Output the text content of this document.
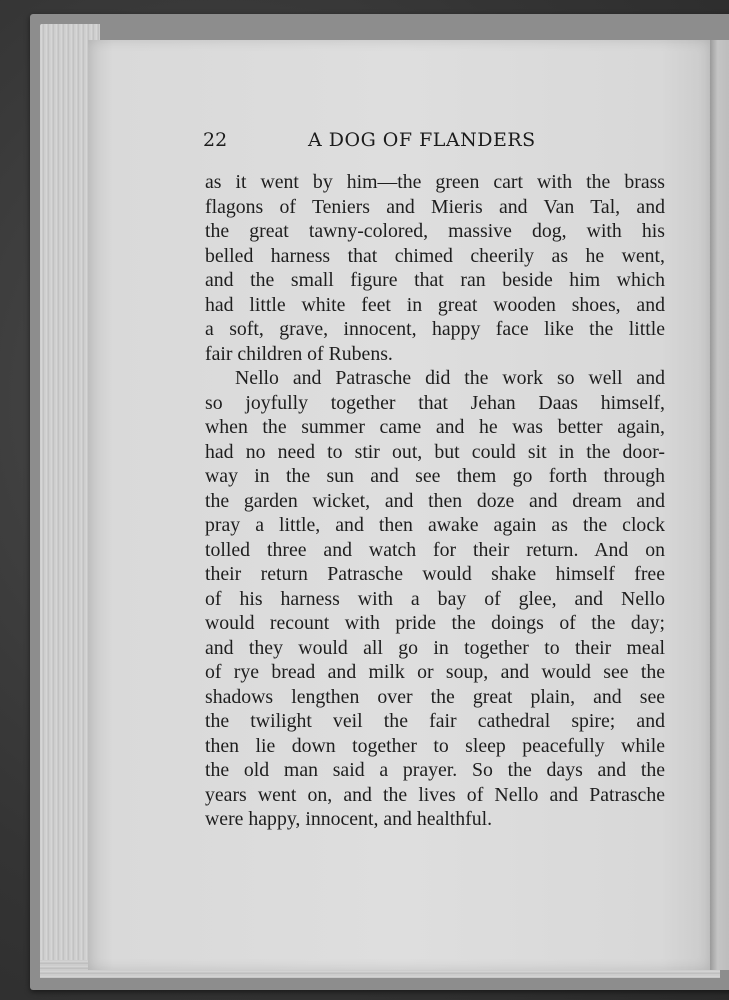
22	A DOG OF FLANDERS

as it went by him—the green cart with the brass
flagons of Teniers and Mieris and Van Tal, and
the great tawny-colored, massive dog, with his
belled harness that chimed cheerily as he went,
and the small figure that ran beside him which
had little white feet in great wooden shoes, and
a soft, grave, innocent, happy face like the little
fair children of Rubens.

Nello and Patrasche did the work so well and
so joyfully together that Jehan Daas himself,
when the summer came and he was better again,
had no need to stir out, but could sit in the door-
way in the sun and see them go forth through
the garden wicket, and then doze and dream and
pray a little, and then awake again as the clock
tolled three and watch for their return. And on
their return Patrasche would shake himself free
of his harness with a bay of glee, and Nello
would recount with pride the doings of the day;
and they would all go in together to their meal
of rye bread and milk or soup, and would see the
shadows lengthen over the great plain, and see
the twilight veil the fair cathedral spire; and
then lie down together to sleep peacefully while
the old man said a prayer. So the days and the
years went on, and the lives of Nello and Patrasche
were happy, innocent, and healthful.
